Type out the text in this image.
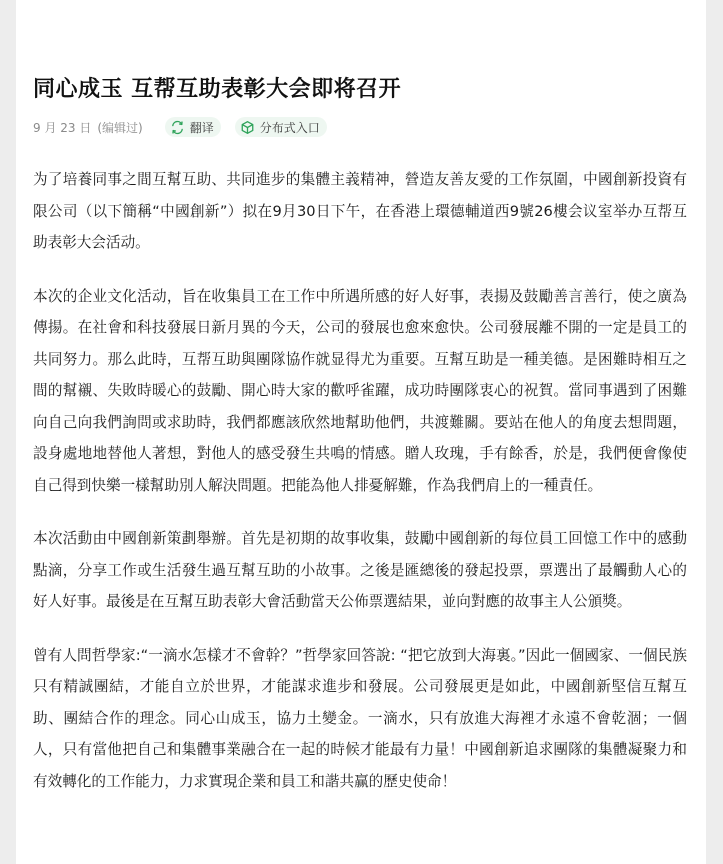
同心成玉 互帮互助表彰大会即将召开
9 月 23 日 (编辑过)	翻译	分布式入口

为了培養同事之間互幫互助、共同進步的集體主義精神，營造友善友愛的工作氛圍，中國創新投資有限公司（以下簡稱“中國創新”）拟在9月30日下午，在香港上環德輔道西9號26樓会议室举办互帮互助表彰大会活动。

本次的企业文化活动，旨在收集員工在工作中所遇所感的好人好事，表揚及鼓勵善言善行，使之廣為傳揚。在社會和科技發展日新月異的今天，公司的發展也愈來愈快。公司發展離不開的一定是員工的共同努力。那么此時，互帮互助與團隊協作就显得尤为重要。互幫互助是一種美德。是困難時相互之間的幫襯、失敗時暖心的鼓勵、開心時大家的歡呼雀躍，成功時團隊衷心的祝賀。當同事遇到了困難向自己向我們詢問或求助時，我們都應該欣然地幫助他們，共渡難關。要站在他人的角度去想問題，設身處地地替他人著想，對他人的感受發生共鳴的情感。贈人玫瑰，手有餘香，於是，我們便會像使自己得到快樂一樣幫助別人解決問題。把能為他人排憂解難，作為我們肩上的一種責任。

本次活動由中國創新策劃舉辦。首先是初期的故事收集，鼓勵中國創新的每位員工回憶工作中的感動點滴，分享工作或生活發生過互幫互助的小故事。之後是匯總後的發起投票，票選出了最觸動人心的好人好事。最後是在互幫互助表彰大會活動當天公佈票選結果，並向對應的故事主人公頒獎。

曾有人問哲學家:“一滴水怎樣才不會幹？”哲學家回答說: “把它放到大海裏。”因此一個國家、一個民族只有精誠團結，才能自立於世界，才能謀求進步和發展。公司發展更是如此，中國創新堅信互幫互助、團結合作的理念。同心山成玉，協力土變金。一滴水，只有放進大海裡才永遠不會乾涸；一個人，只有當他把自己和集體事業融合在一起的時候才能最有力量！中國創新追求團隊的集體凝聚力和有效轉化的工作能力，力求實現企業和員工和諧共赢的歷史使命！
